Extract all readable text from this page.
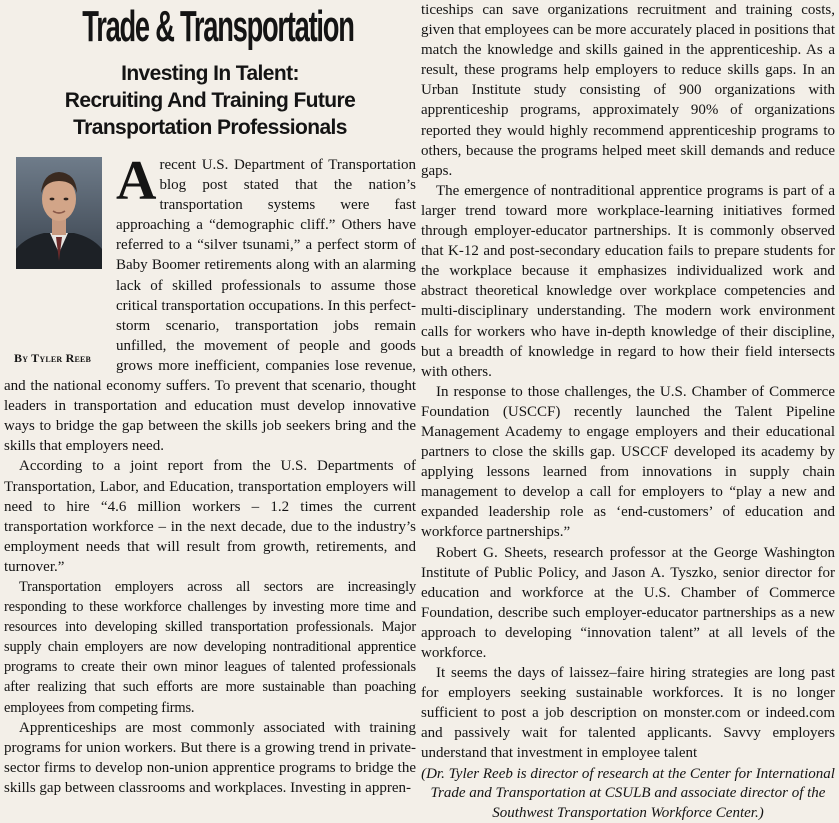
Trade & Transportation
Investing In Talent:
Recruiting And Training Future
Transportation Professionals
By Tyler Reeb

Arecent U.S. Department of Transportation blog post stated that the nation’s transportation systems were fast approaching a “demographic cliff.” Others have referred to a “silver tsunami,” a perfect storm of Baby Boomer retirements along with an alarming lack of skilled professionals to assume those critical transportation occupations. In this perfect-storm scenario, transportation jobs remain unfilled, the movement of people and goods grows more inefficient, companies lose revenue, and the national economy suffers. To prevent that scenario, thought leaders in transportation and education must develop innovative ways to bridge the gap between the skills job seekers bring and the skills that employers need.

According to a joint report from the U.S. Departments of Transportation, Labor, and Education, transportation employers will need to hire “4.6 million workers – 1.2 times the current transportation workforce – in the next decade, due to the industry’s employment needs that will result from growth, retirements, and turnover.”

Transportation employers across all sectors are increasingly responding to these workforce challenges by investing more time and resources into developing skilled transportation professionals. Major supply chain employers are now developing nontraditional apprentice programs to create their own minor leagues of talented professionals after realizing that such efforts are more sustainable than poaching employees from competing firms.

Apprenticeships are most commonly associated with training programs for union workers. But there is a growing trend in private-sector firms to develop non-union apprentice programs to bridge the skills gap between classrooms and workplaces. Investing in appren-

ticeships can save organizations recruitment and training costs, given that employees can be more accurately placed in positions that match the knowledge and skills gained in the apprenticeship. As a result, these programs help employers to reduce skills gaps. In an Urban Institute study consisting of 900 organizations with apprenticeship programs, approximately 90% of organizations reported they would highly recommend apprenticeship programs to others, because the programs helped meet skill demands and reduce gaps.

The emergence of nontraditional apprentice programs is part of a larger trend toward more workplace-learning initiatives formed through employer-educator partnerships. It is commonly observed that K-12 and post-secondary education fails to prepare students for the workplace because it emphasizes individualized work and abstract theoretical knowledge over workplace competencies and multi-disciplinary understanding. The modern work environment calls for workers who have in-depth knowledge of their discipline, but a breadth of knowledge in regard to how their field intersects with others.

In response to those challenges, the U.S. Chamber of Commerce Foundation (USCCF) recently launched the Talent Pipeline Management Academy to engage employers and their educational partners to close the skills gap. USCCF developed its academy by applying lessons learned from innovations in supply chain management to develop a call for employers to “play a new and expanded leadership role as ‘end-customers’ of education and workforce partnerships.”

Robert G. Sheets, research professor at the George Washington Institute of Public Policy, and Jason A. Tyszko, senior director for education and workforce at the U.S. Chamber of Commerce Foundation, describe such employer-educator partnerships as a new approach to developing “innovation talent” at all levels of the workforce.

It seems the days of laissez–faire hiring strategies are long past for employers seeking sustainable workforces. It is no longer sufficient to post a job description on monster.com or indeed.com and passively wait for talented applicants. Savvy employers understand that investment in employee talent

(Dr. Tyler Reeb is director of research at the Center for International Trade and Transportation at CSULB and associate director of the Southwest Transportation Workforce Center.)
